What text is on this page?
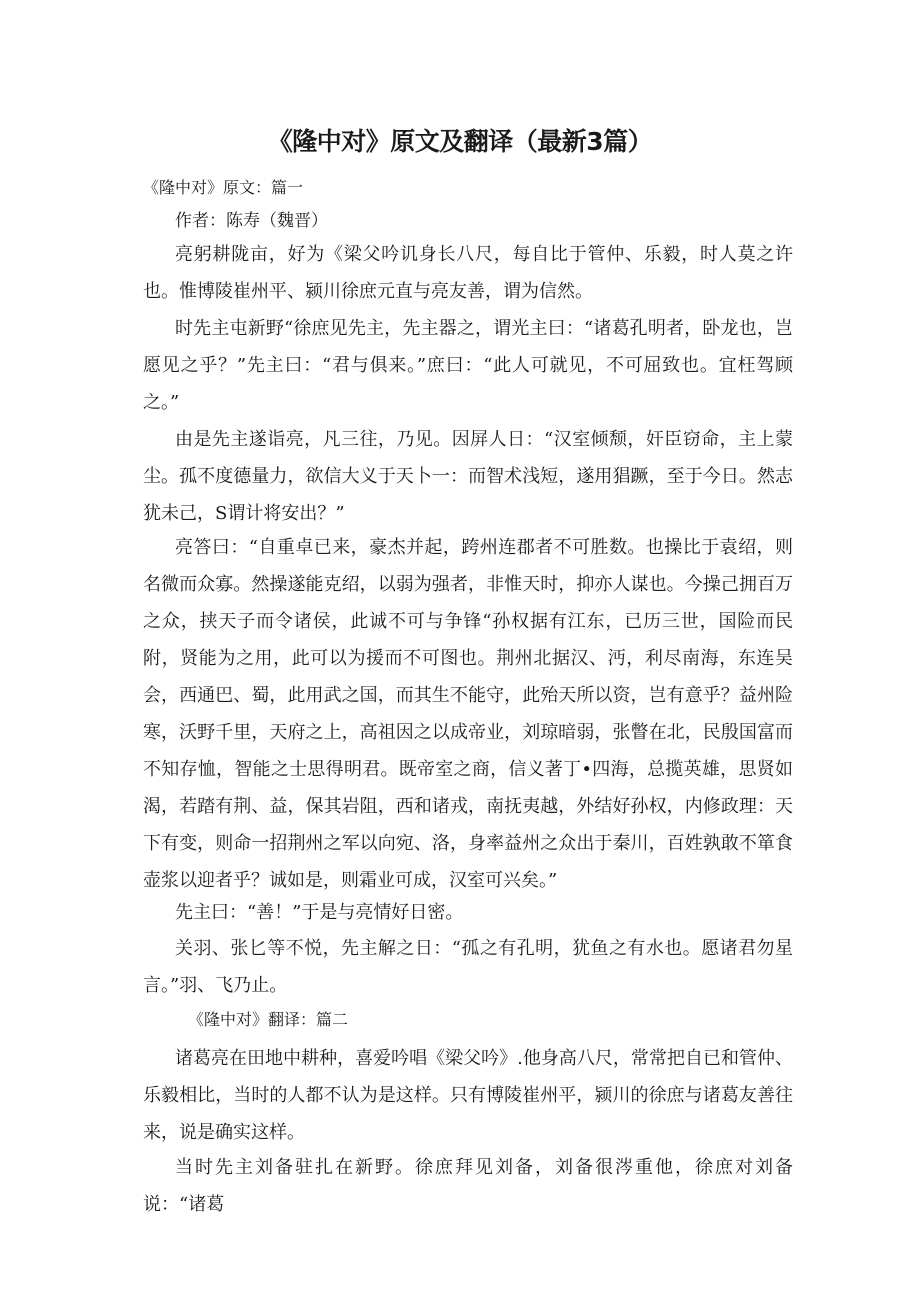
《隆中对》原文及翻译（最新3篇）
《隆中对》原文：篇一
作者：陈寿（魏晋）

亮躬耕陇亩，好为《梁父吟讥身长八尺，每自比于管仲、乐毅，时人莫之许也。惟博陵崔州平、颍川徐庶元直与亮友善，谓为信然。

时先主屯新野“徐庶见先主，先主器之，谓光主曰：“诸葛孔明者，卧龙也，岂愿见之乎？”先主曰：“君与俱来。”庶曰：“此人可就见，不可屈致也。宜枉驾顾之。”

由是先主遂诣亮，凡三往，乃见。因屏人日：“汉室倾颓，奸臣窃命，主上蒙尘。孤不度德量力，欲信大义于天卜一：而智术浅短，遂用猖蹶，至于今日。然志犹未己，S谓计将安出？”

亮答曰：“自重卓已来，豪杰并起，跨州连郡者不可胜数。也操比于袁绍，则名微而众寡。然操遂能克绍，以弱为强者，非惟天时，抑亦人谋也。今操己拥百万之众，挟天子而令诸侯，此诚不可与争锋“孙权据有江东，已历三世，国险而民附，贤能为之用，此可以为援而不可图也。荆州北据汉、沔，利尽南海，东连吴会，西通巴、蜀，此用武之国，而其生不能守，此殆天所以资，岂有意乎？益州险寒，沃野千里，天府之上，高祖因之以成帝业，刘琼暗弱，张瞥在北，民殷国富而不知存恤，智能之士思得明君。既帝室之商，信义著丁•四海，总揽英雄，思贤如渴，若踏有荆、益，保其岩阻，西和诸戎，南抚夷越，外结好孙权，内修政理：天下有变，则命一招荆州之军以向宛、洛，身率益州之众出于秦川，百姓孰敢不箪食壶浆以迎者乎？诚如是，则霜业可成，汉室可兴矣。”

先主曰：“善！”于是与亮情好日密。

关羽、张匕等不悦，先主解之日：“孤之有孔明，犹鱼之有水也。愿诸君勿星言。”羽、飞乃止。

《隆中对》翻译：篇二

诸葛亮在田地中耕种，喜爱吟唱《梁父吟》.他身高八尺，常常把自已和管仲、乐毅相比，当时的人都不认为是这样。只有博陵崔州平，颍川的徐庶与诸葛友善往来，说是确实这样。

当时先主刘备驻扎在新野。徐庶拜见刘备，刘备很涔重他，徐庶对刘备说：“诸葛
